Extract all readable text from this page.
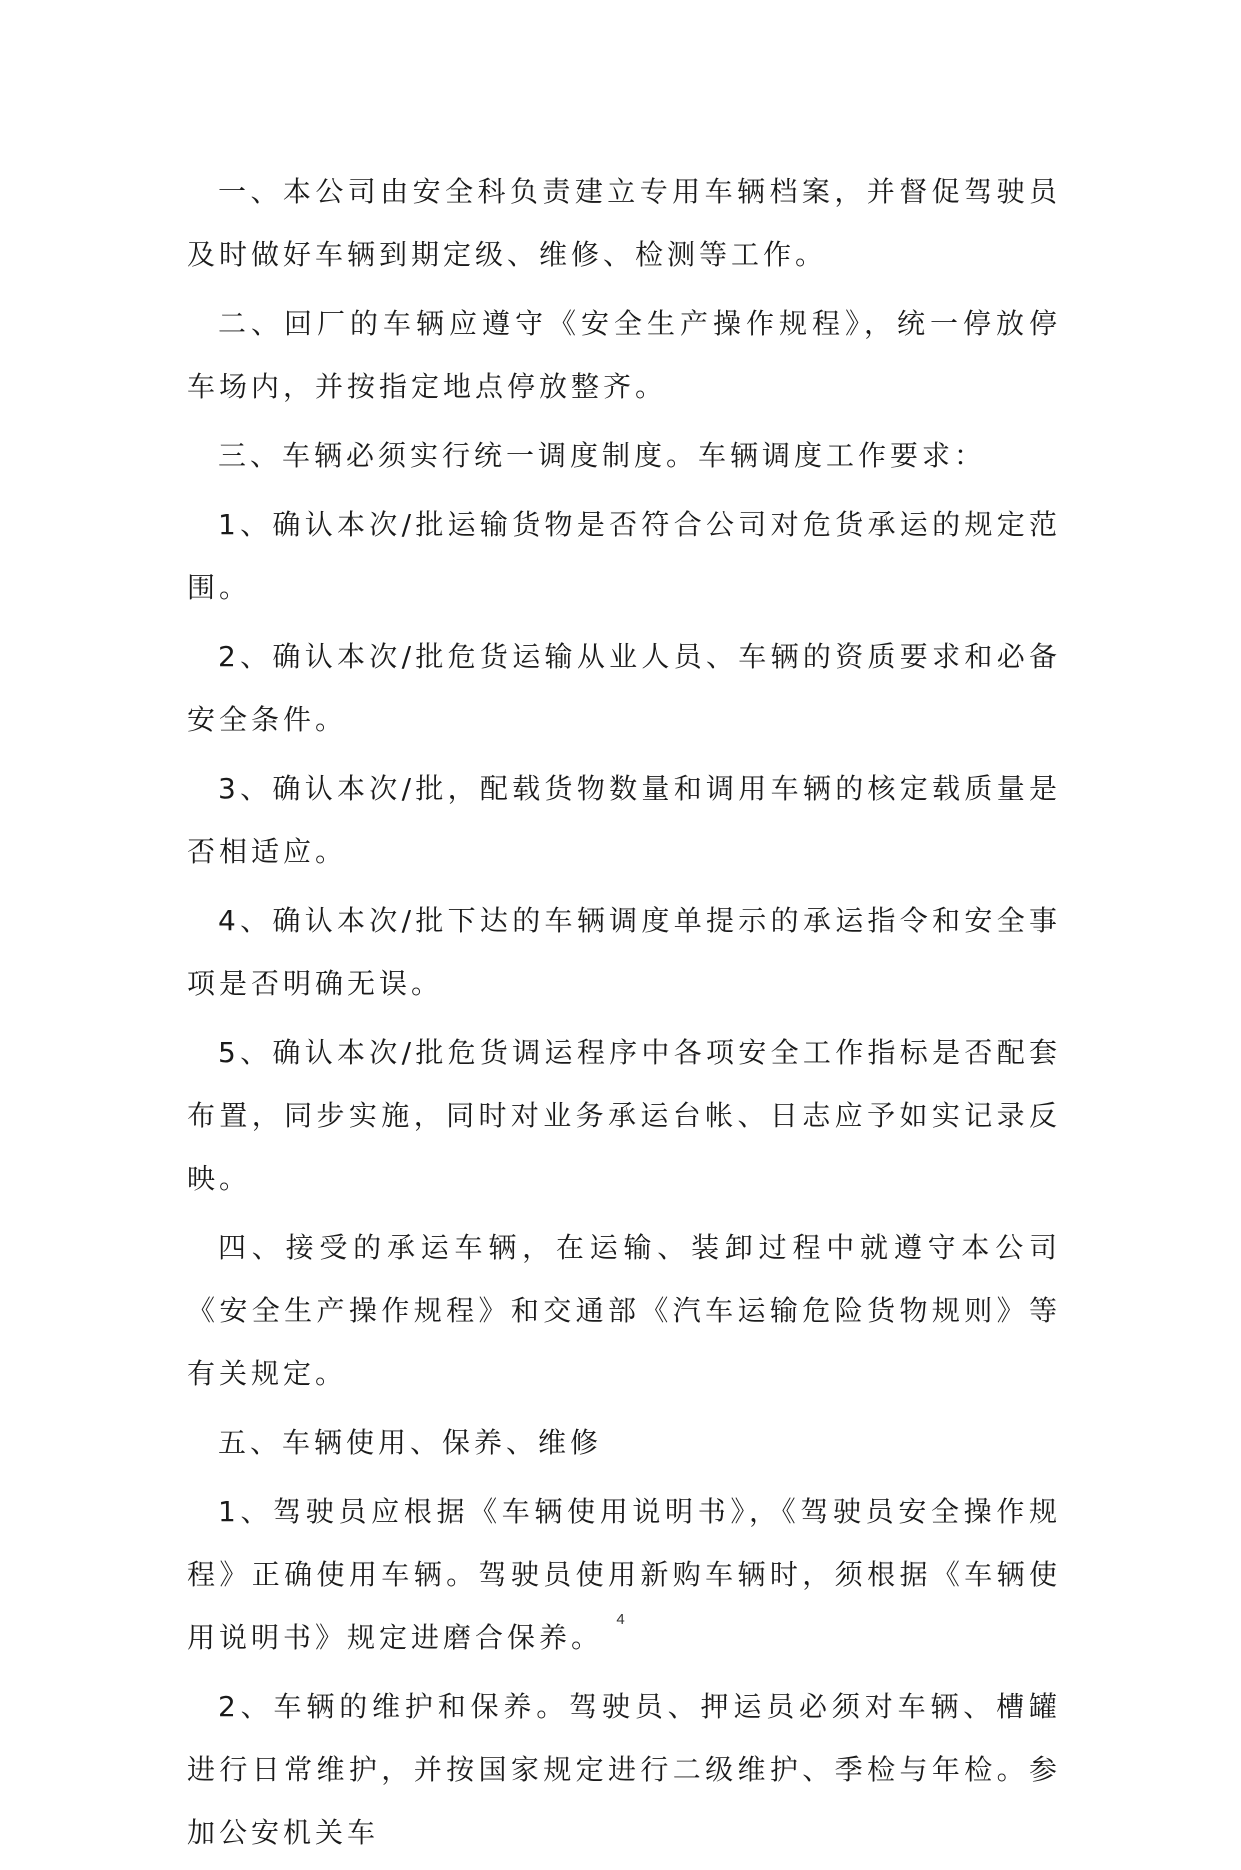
一、本公司由安全科负责建立专用车辆档案，并督促驾驶员及时做好车辆到期定级、维修、检测等工作。

二、回厂的车辆应遵守《安全生产操作规程》，统一停放停车场内，并按指定地点停放整齐。

三、车辆必须实行统一调度制度。车辆调度工作要求：

1、确认本次/批运输货物是否符合公司对危货承运的规定范围。

2、确认本次/批危货运输从业人员、车辆的资质要求和必备安全条件。

3、确认本次/批，配载货物数量和调用车辆的核定载质量是否相适应。

4、确认本次/批下达的车辆调度单提示的承运指令和安全事项是否明确无误。

5、确认本次/批危货调运程序中各项安全工作指标是否配套布置，同步实施，同时对业务承运台帐、日志应予如实记录反映。

四、接受的承运车辆，在运输、装卸过程中就遵守本公司《安全生产操作规程》和交通部《汽车运输危险货物规则》等有关规定。

五、车辆使用、保养、维修

1、驾驶员应根据《车辆使用说明书》，《驾驶员安全操作规程》正确使用车辆。驾驶员使用新购车辆时，须根据《车辆使用说明书》规定进磨合保养。

2、车辆的维护和保养。驾驶员、押运员必须对车辆、槽罐进行日常维护，并按国家规定进行二级维护、季检与年检。参加公安机关车

4
